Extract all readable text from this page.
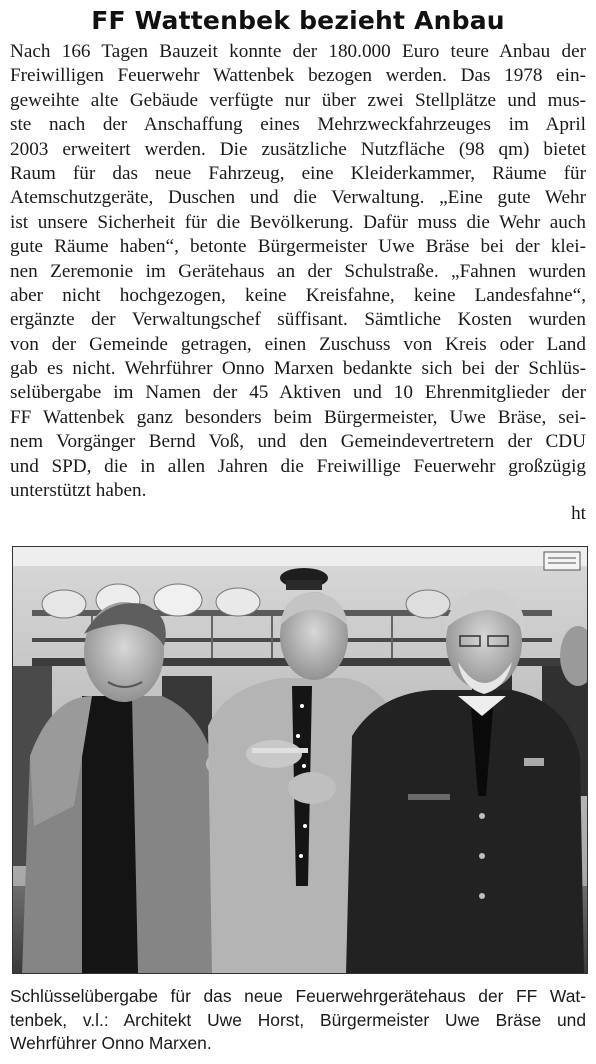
FF Wattenbek bezieht Anbau
Nach 166 Tagen Bauzeit konnte der 180.000 Euro teure Anbau der
Freiwilligen Feuerwehr Wattenbek bezogen werden. Das 1978 ein-
geweihte alte Gebäude verfügte nur über zwei Stellplätze und mus-
ste nach der Anschaffung eines Mehrzweckfahrzeuges im April
2003 erweitert werden. Die zusätzliche Nutzfläche (98 qm) bietet
Raum für das neue Fahrzeug, eine Kleiderkammer, Räume für
Atemschutzgeräte, Duschen und die Verwaltung. „Eine gute Wehr
ist unsere Sicherheit für die Bevölkerung. Dafür muss die Wehr auch
gute Räume haben“, betonte Bürgermeister Uwe Bräse bei der klei-
nen Zeremonie im Gerätehaus an der Schulstraße. „Fahnen wurden
aber nicht hochgezogen, keine Kreisfahne, keine Landesfahne“,
ergänzte der Verwaltungschef süffisant. Sämtliche Kosten wurden
von der Gemeinde getragen, einen Zuschuss von Kreis oder Land
gab es nicht. Wehrführer Onno Marxen bedankte sich bei der Schlüs-
selübergabe im Namen der 45 Aktiven und 10 Ehrenmitglieder der
FF Wattenbek ganz besonders beim Bürgermeister, Uwe Bräse, sei-
nem Vorgänger Bernd Voß, und den Gemeindevertretern der CDU
und SPD, die in allen Jahren die Freiwillige Feuerwehr großzügig
unterstützt haben.
ht
Schlüsselübergabe für das neue Feuerwehrgerätehaus der FF Wat-
tenbek, v.l.: Architekt Uwe Horst, Bürgermeister Uwe Bräse und
Wehrführer Onno Marxen.
